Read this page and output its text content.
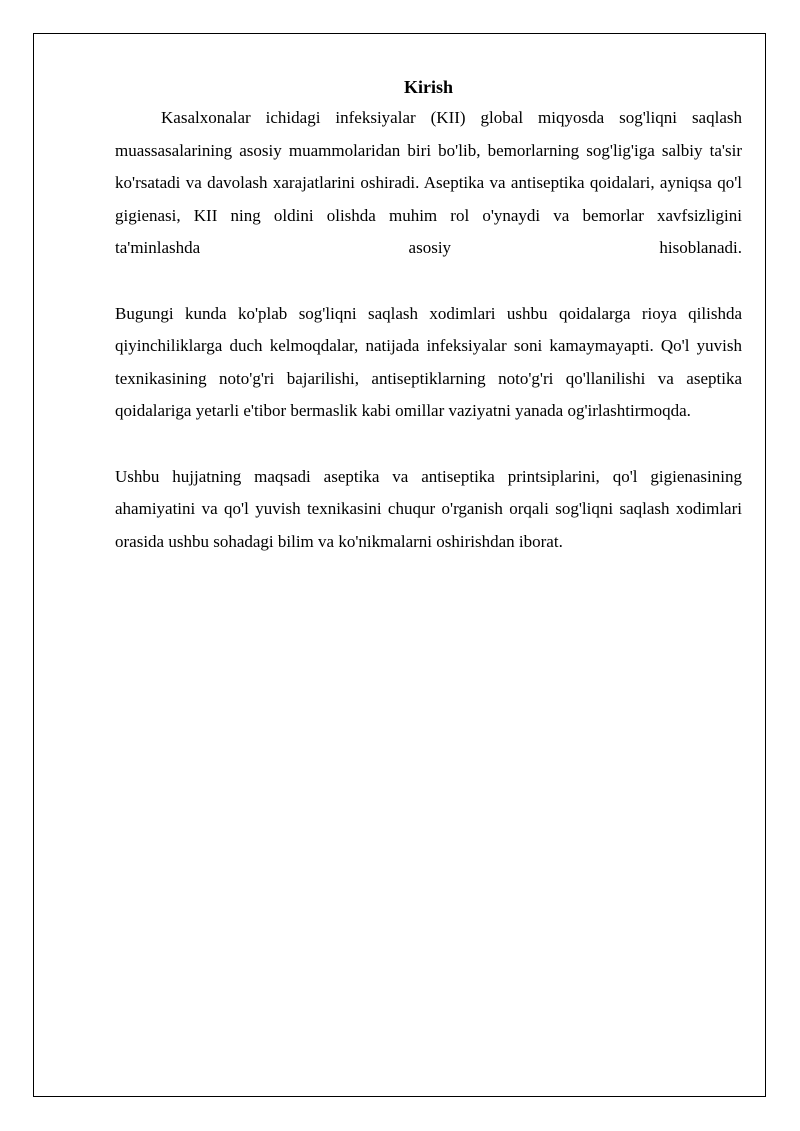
Kirish

Kasalxonalar ichidagi infeksiyalar (KII) global miqyosda sog'liqni saqlash muassasalarining asosiy muammolaridan biri bo'lib, bemorlarning sog'lig'iga salbiy ta'sir ko'rsatadi va davolash xarajatlarini oshiradi. Aseptika va antiseptika qoidalari, ayniqsa qo'l gigienasi, KII ning oldini olishda muhim rol o'ynaydi va bemorlar xavfsizligini ta'minlashda asosiy hisoblanadi.

Bugungi kunda ko'plab sog'liqni saqlash xodimlari ushbu qoidalarga rioya qilishda qiyinchiliklarga duch kelmoqdalar, natijada infeksiyalar soni kamaymayapti. Qo'l yuvish texnikasining noto'g'ri bajarilishi, antiseptiklarning noto'g'ri qo'llanilishi va aseptika qoidalariga yetarli e'tibor bermaslik kabi omillar vaziyatni yanada og'irlashtirmoqda.

Ushbu hujjatning maqsadi aseptika va antiseptika printsiplarini, qo'l gigienasining ahamiyatini va qo'l yuvish texnikasini chuqur o'rganish orqali sog'liqni saqlash xodimlari orasida ushbu sohadagi bilim va ko'nikmalarni oshirishdan iborat.
